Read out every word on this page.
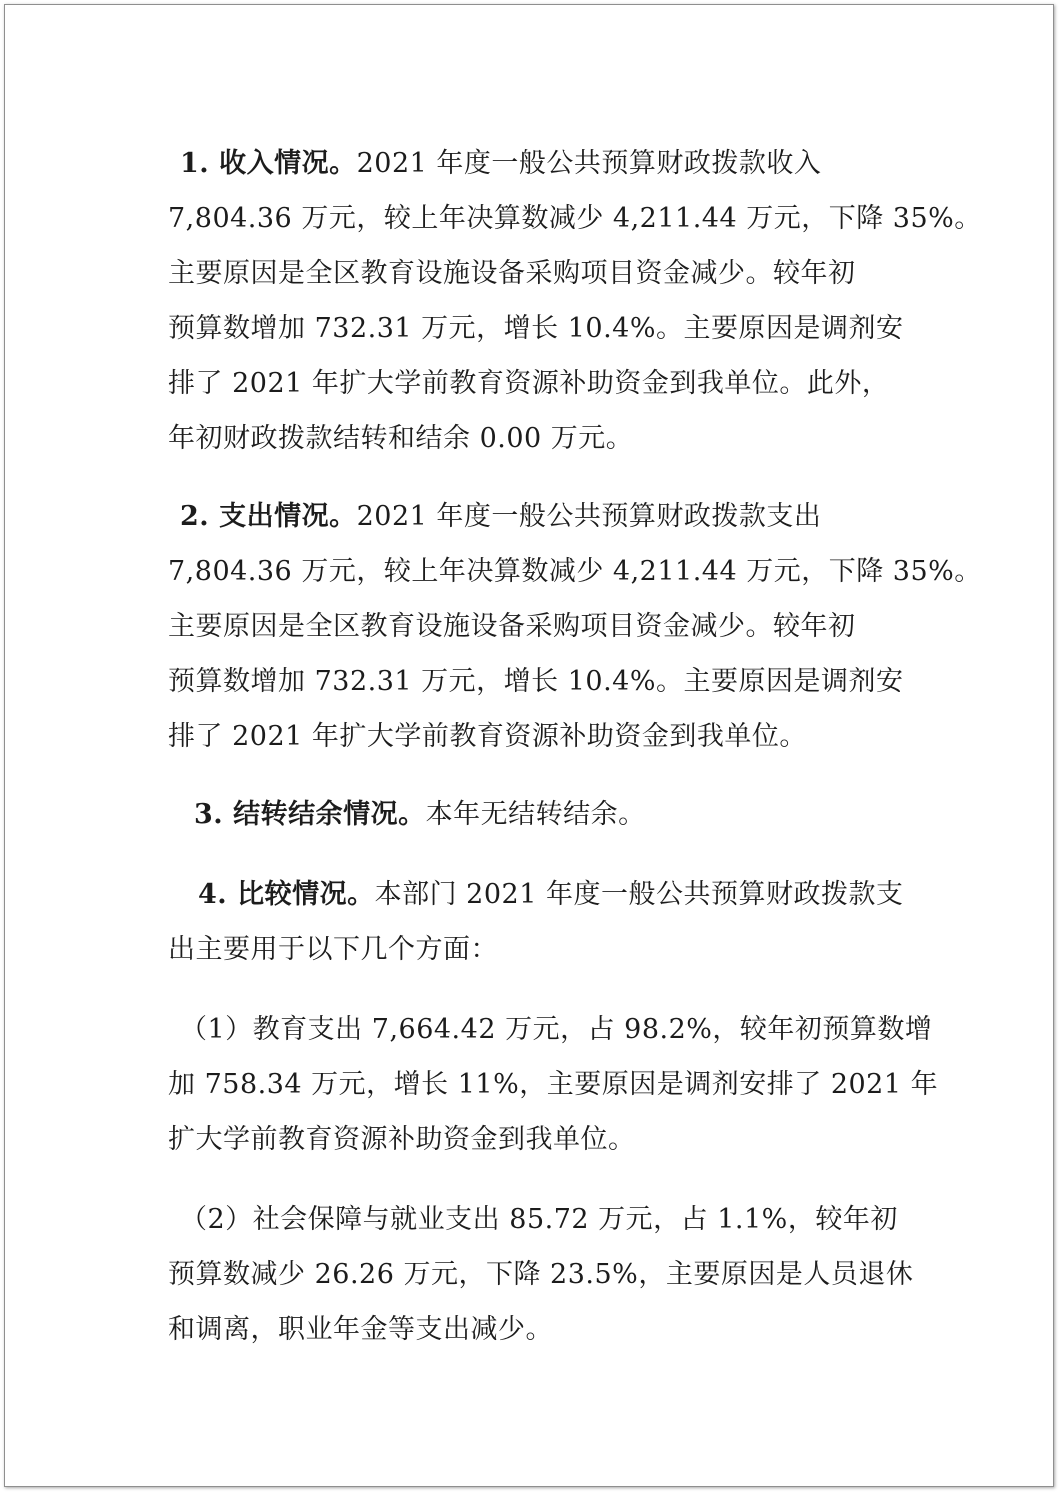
1. 收入情况。2021 年度一般公共预算财政拨款收入
7,804.36 万元，较上年决算数减少 4,211.44 万元，下降 35%。
主要原因是全区教育设施设备采购项目资金减少。较年初
预算数增加 732.31 万元，增长 10.4%。主要原因是调剂安
排了 2021 年扩大学前教育资源补助资金到我单位。此外，
年初财政拨款结转和结余 0.00 万元。
2. 支出情况。2021 年度一般公共预算财政拨款支出
7,804.36 万元，较上年决算数减少 4,211.44 万元，下降 35%。
主要原因是全区教育设施设备采购项目资金减少。较年初
预算数增加 732.31 万元，增长 10.4%。主要原因是调剂安
排了 2021 年扩大学前教育资源补助资金到我单位。
3. 结转结余情况。本年无结转结余。
4. 比较情况。本部门 2021 年度一般公共预算财政拨款支
出主要用于以下几个方面：
（1）教育支出 7,664.42 万元，占 98.2%，较年初预算数增
加 758.34 万元，增长 11%，主要原因是调剂安排了 2021 年
扩大学前教育资源补助资金到我单位。
（2）社会保障与就业支出 85.72 万元，占 1.1%，较年初
预算数减少 26.26 万元，下降 23.5%，主要原因是人员退休
和调离，职业年金等支出减少。
